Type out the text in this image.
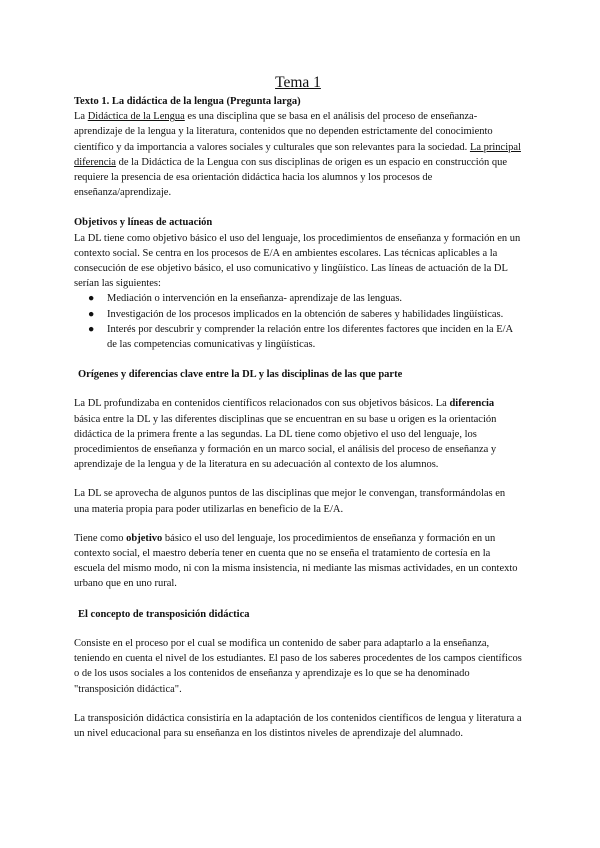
Tema 1
Texto 1. La didáctica de la lengua (Pregunta larga)

La Didáctica de la Lengua es una disciplina que se basa en el análisis del proceso de enseñanza-aprendizaje de la lengua y la literatura, contenidos que no dependen estrictamente del conocimiento científico y da importancia a valores sociales y culturales que son relevantes para la sociedad. La principal diferencia de la Didáctica de la Lengua con sus disciplinas de origen es un espacio en construcción que requiere la presencia de esa orientación didáctica hacia los alumnos y los procesos de enseñanza/aprendizaje.

Objetivos y líneas de actuación

La DL tiene como objetivo básico el uso del lenguaje, los procedimientos de enseñanza y formación en un contexto social. Se centra en los procesos de E/A en ambientes escolares. Las técnicas aplicables a la consecución de ese objetivo básico, el uso comunicativo y lingüístico. Las líneas de actuación de la DL serían las siguientes:

● Mediación o intervención en la enseñanza- aprendizaje de las lenguas.
● Investigación de los procesos implicados en la obtención de saberes y habilidades lingüísticas.
● Interés por descubrir y comprender la relación entre los diferentes factores que inciden en la E/A de las competencias comunicativas y lingüísticas.
Orígenes y diferencias clave entre la DL y las disciplinas de las que parte

La DL profundizaba en contenidos científicos relacionados con sus objetivos básicos. La diferencia básica entre la DL y las diferentes disciplinas que se encuentran en su base u origen es la orientación didáctica de la primera frente a las segundas. La DL tiene como objetivo el uso del lenguaje, los procedimientos de enseñanza y formación en un marco social, el análisis del proceso de enseñanza y aprendizaje de la lengua y de la literatura en su adecuación al contexto de los alumnos.

La DL se aprovecha de algunos puntos de las disciplinas que mejor le convengan, transformándolas en una materia propia para poder utilizarlas en beneficio de la E/A.

Tiene como objetivo básico el uso del lenguaje, los procedimientos de enseñanza y formación en un contexto social, el maestro debería tener en cuenta que no se enseña el tratamiento de cortesía en la escuela del mismo modo, ni con la misma insistencia, ni mediante las mismas actividades, en un contexto urbano que en uno rural.

El concepto de transposición didáctica

Consiste en el proceso por el cual se modifica un contenido de saber para adaptarlo a la enseñanza, teniendo en cuenta el nivel de los estudiantes. El paso de los saberes procedentes de los campos científicos o de los usos sociales a los contenidos de enseñanza y aprendizaje es lo que se ha denominado "transposición didáctica".

La transposición didáctica consistiría en la adaptación de los contenidos científicos de lengua y literatura a un nivel educacional para su enseñanza en los distintos niveles de aprendizaje del alumnado.
